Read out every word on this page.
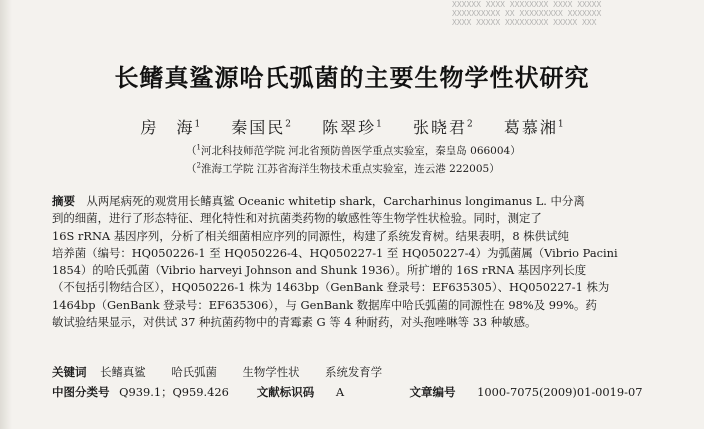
XXXXXX XXXX XXXXXXXX XXXX XXXXX
XXXXXXXXXX XX XXXXXXXXX XXXXXXX
XXXX XXXXX XXXXXXXXX XXXXX XXX
长鳍真鲨源哈氏弧菌的主要生物学性状研究
房　海$^1$ 秦国民$^2$ 陈翠珍$^1$ 张晓君$^2$ 葛慕湘$^1$
（$^1$河北科技师范学院 河北省预防兽医学重点实验室，秦皇岛 066004）
（$^2$淮海工学院 江苏省海洋生物技术重点实验室，连云港 222005）
摘要　从两尾病死的观赏用长鳍真鲨 Oceanic whitetip shark，Carcharhinus longimanus L. 中分离
到的细菌，进行了形态特征、理化特性和对抗菌类药物的敏感性等生物学性状检验。同时，测定了
16S rRNA 基因序列，分析了相关细菌相应序列的同源性，构建了系统发育树。结果表明，8 株供试纯
培养菌（编号：HQ050226-1 至 HQ050226-4、HQ050227-1 至 HQ050227-4）为弧菌属（Vibrio Pacini
1854）的哈氏弧菌（Vibrio harveyi Johnson and Shunk 1936）。所扩增的 16S rRNA 基因序列长度
（不包括引物结合区），HQ050226-1 株为 1463bp（GenBank 登录号：EF635305）、HQ050227-1 株为
1464bp（GenBank 登录号：EF635306），与 GenBank 数据库中哈氏弧菌的同源性在 98%及 99%。药
敏试验结果显示，对供试 37 种抗菌药物中的青霉素 G 等 4 种耐药，对头孢唑啉等 33 种敏感。
关键词 长鳍真鲨 哈氏弧菌 生物学性状 系统发育学
中图分类号 Q939.1；Q959.426 文献标识码 A	文章编号 1000-7075(2009)01-0019-07
